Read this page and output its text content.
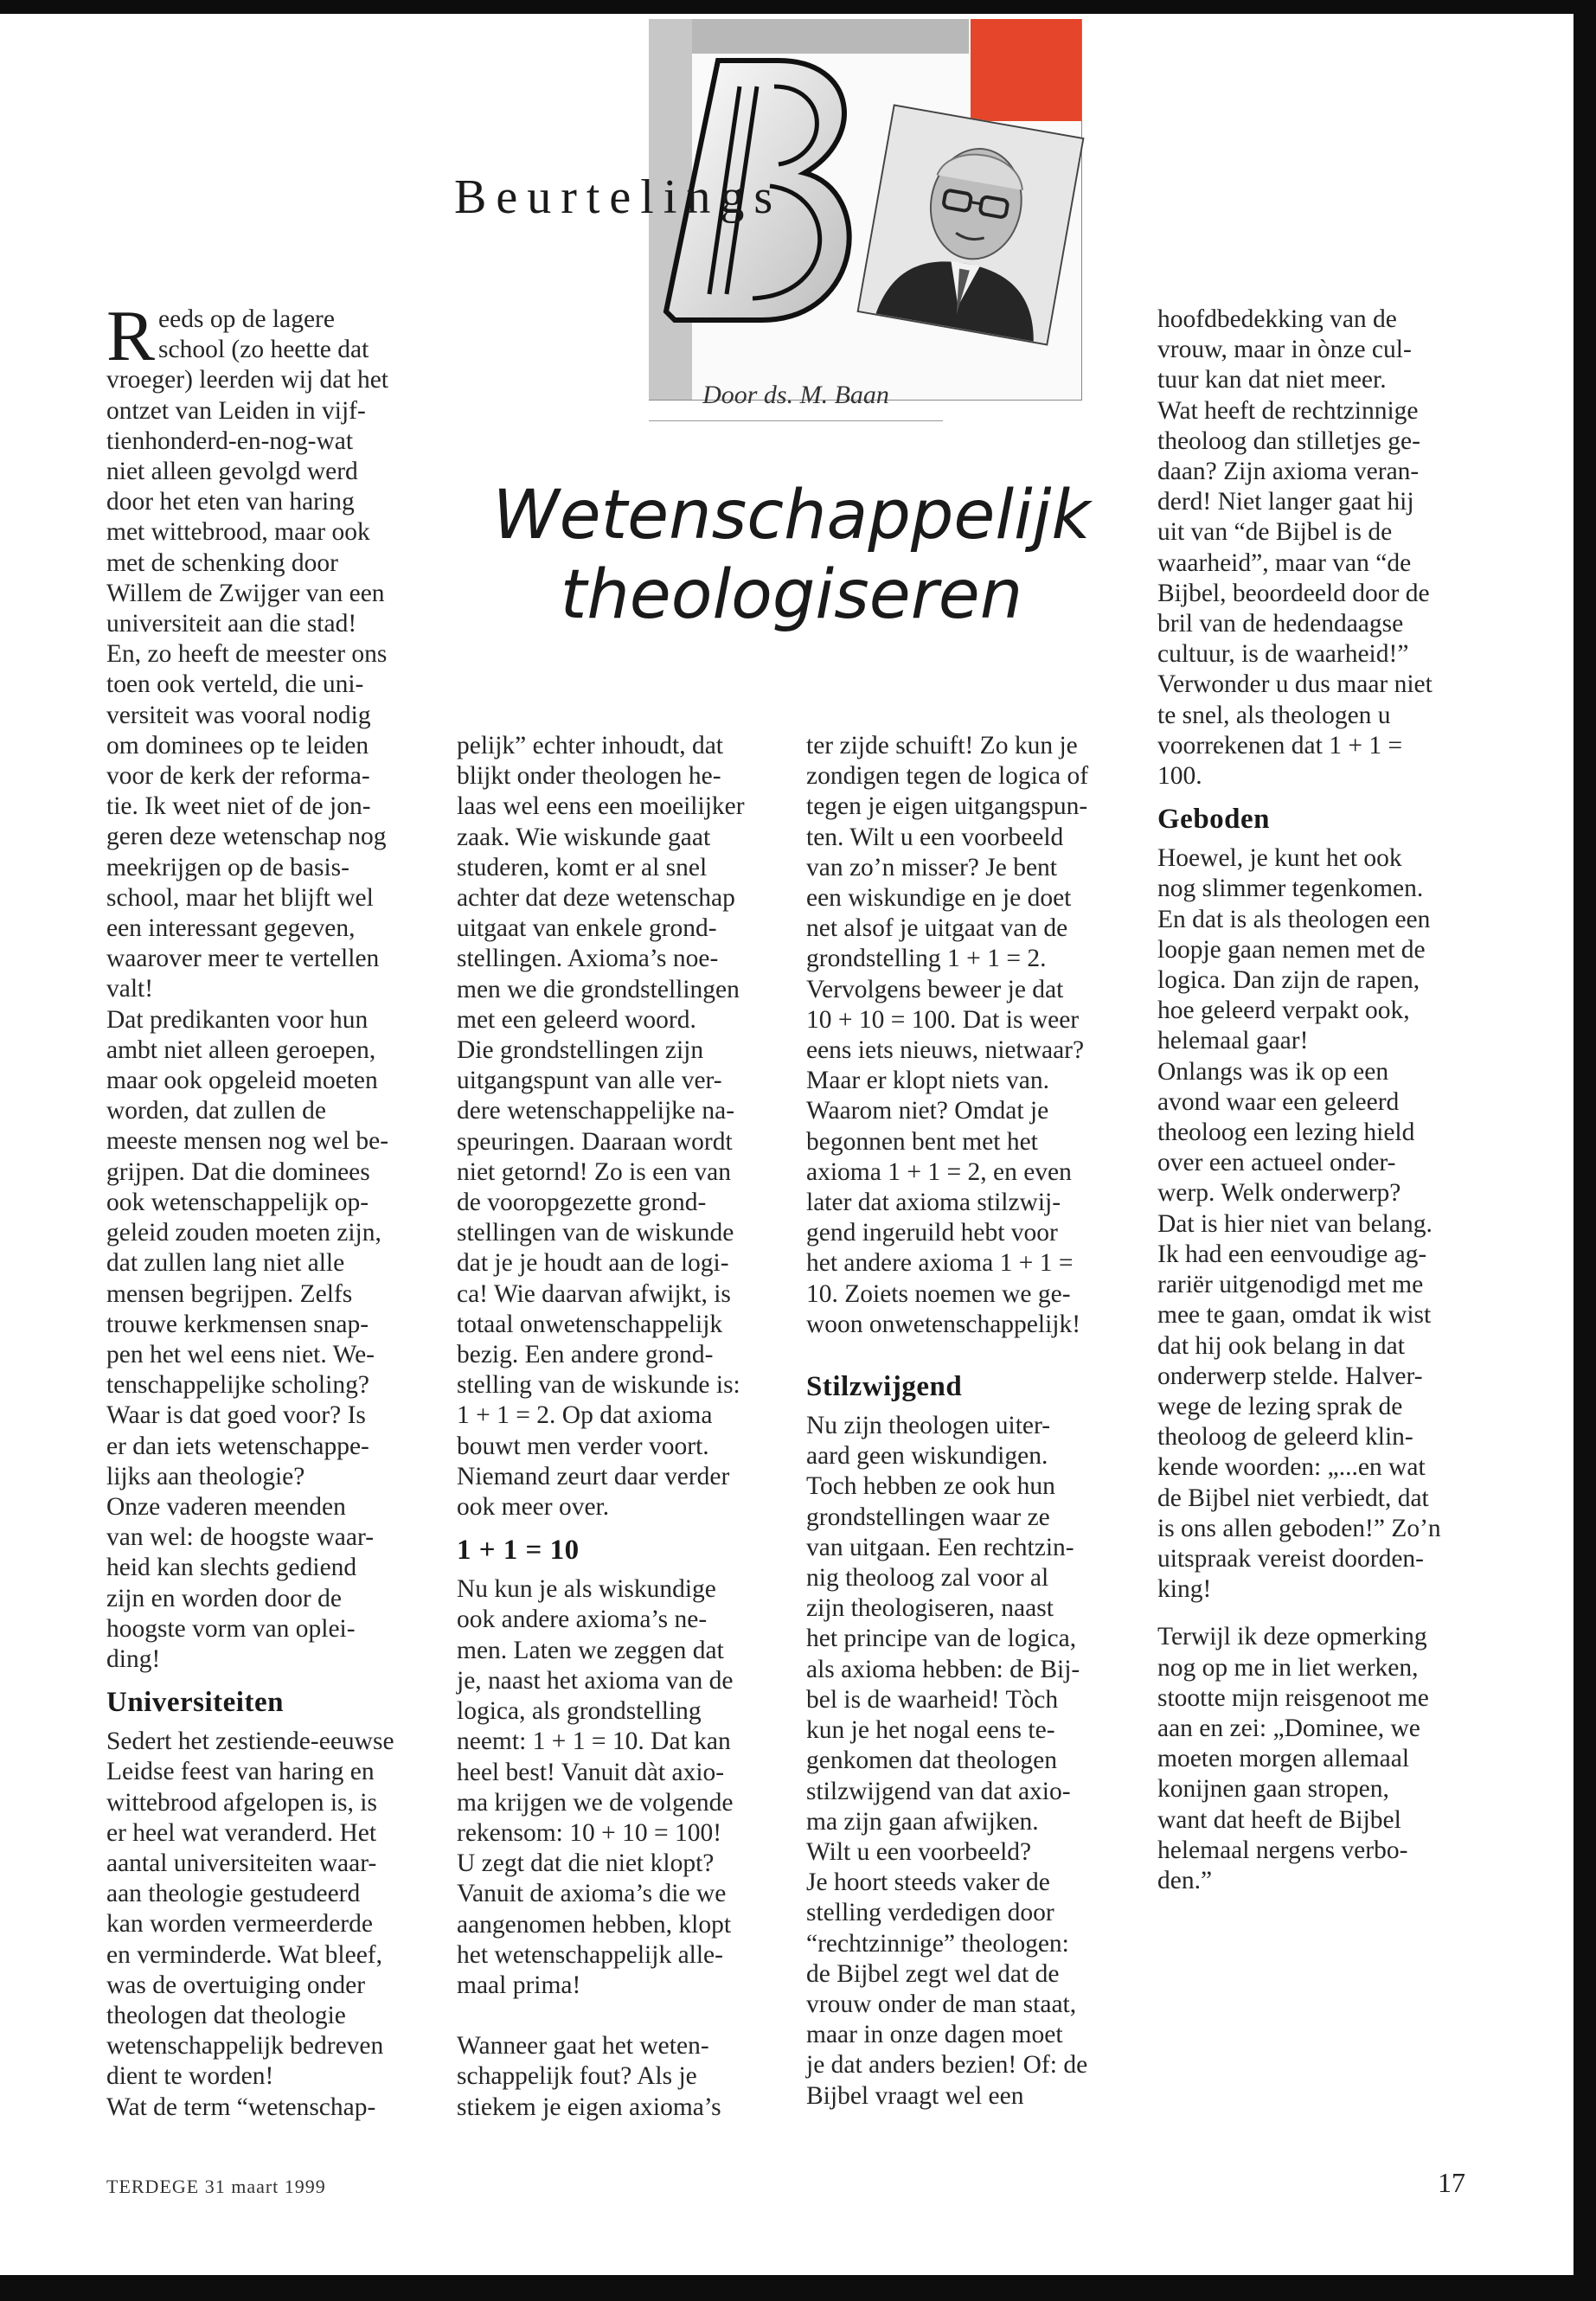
Beurtelings
Door ds. M. Baan
Wetenschappelijk
theologiseren

Reeds op de lagere
school (zo heette dat
vroeger) leerden wij dat het
ontzet van Leiden in vijf-
tienhonderd-en-nog-wat
niet alleen gevolgd werd
door het eten van haring
met wittebrood, maar ook
met de schenking door
Willem de Zwijger van een
universiteit aan die stad!
En, zo heeft de meester ons
toen ook verteld, die uni-
versiteit was vooral nodig
om dominees op te leiden
voor de kerk der reforma-
tie. Ik weet niet of de jon-
geren deze wetenschap nog
meekrijgen op de basis-
school, maar het blijft wel
een interessant gegeven,
waarover meer te vertellen
valt!

Dat predikanten voor hun
ambt niet alleen geroepen,
maar ook opgeleid moeten
worden, dat zullen de
meeste mensen nog wel be-
grijpen. Dat die dominees
ook wetenschappelijk op-
geleid zouden moeten zijn,
dat zullen lang niet alle
mensen begrijpen. Zelfs
trouwe kerkmensen snap-
pen het wel eens niet. We-
tenschappelijke scholing?
Waar is dat goed voor? Is
er dan iets wetenschappe-
lijks aan theologie?

Onze vaderen meenden
van wel: de hoogste waar-
heid kan slechts gediend
zijn en worden door de
hoogste vorm van oplei-
ding!

Universiteiten

Sedert het zestiende-eeuwse
Leidse feest van haring en
wittebrood afgelopen is, is
er heel wat veranderd. Het
aantal universiteiten waar-
aan theologie gestudeerd
kan worden vermeerderde
en verminderde. Wat bleef,
was de overtuiging onder
theologen dat theologie
wetenschappelijk bedreven
dient te worden!

Wat de term “wetenschap-

pelijk” echter inhoudt, dat
blijkt onder theologen he-
laas wel eens een moeilijker
zaak. Wie wiskunde gaat
studeren, komt er al snel
achter dat deze wetenschap
uitgaat van enkele grond-
stellingen. Axioma’s noe-
men we die grondstellingen
met een geleerd woord.
Die grondstellingen zijn
uitgangspunt van alle ver-
dere wetenschappelijke na-
speuringen. Daaraan wordt
niet getornd! Zo is een van
de vooropgezette grond-
stellingen van de wiskunde
dat je je houdt aan de logi-
ca! Wie daarvan afwijkt, is
totaal onwetenschappelijk
bezig. Een andere grond-
stelling van de wiskunde is:
1 + 1 = 2. Op dat axioma
bouwt men verder voort.
Niemand zeurt daar verder
ook meer over.

1 + 1 = 10

Nu kun je als wiskundige
ook andere axioma’s ne-
men. Laten we zeggen dat
je, naast het axioma van de
logica, als grondstelling
neemt: 1 + 1 = 10. Dat kan
heel best! Vanuit dàt axio-
ma krijgen we de volgende
rekensom: 10 + 10 = 100!
U zegt dat die niet klopt?
Vanuit de axioma’s die we
aangenomen hebben, klopt
het wetenschappelijk alle-
maal prima!

Wanneer gaat het weten-
schappelijk fout? Als je
stiekem je eigen axioma’s

ter zijde schuift! Zo kun je
zondigen tegen de logica of
tegen je eigen uitgangspun-
ten. Wilt u een voorbeeld
van zo’n misser? Je bent
een wiskundige en je doet
net alsof je uitgaat van de
grondstelling 1 + 1 = 2.
Vervolgens beweer je dat
10 + 10 = 100. Dat is weer
eens iets nieuws, nietwaar?
Maar er klopt niets van.
Waarom niet? Omdat je
begonnen bent met het
axioma 1 + 1 = 2, en even
later dat axioma stilzwij-
gend ingeruild hebt voor
het andere axioma 1 + 1 =
10. Zoiets noemen we ge-
woon onwetenschappelijk!

Stilzwijgend

Nu zijn theologen uiter-
aard geen wiskundigen.
Toch hebben ze ook hun
grondstellingen waar ze
van uitgaan. Een rechtzin-
nig theoloog zal voor al
zijn theologiseren, naast
het principe van de logica,
als axioma hebben: de Bij-
bel is de waarheid! Tòch
kun je het nogal eens te-
genkomen dat theologen
stilzwijgend van dat axio-
ma zijn gaan afwijken.
Wilt u een voorbeeld?

Je hoort steeds vaker de
stelling verdedigen door
“rechtzinnige” theologen:
de Bijbel zegt wel dat de
vrouw onder de man staat,
maar in onze dagen moet
je dat anders bezien! Of: de
Bijbel vraagt wel een

hoofdbedekking van de
vrouw, maar in ònze cul-
tuur kan dat niet meer.
Wat heeft de rechtzinnige
theoloog dan stilletjes ge-
daan? Zijn axioma veran-
derd! Niet langer gaat hij
uit van “de Bijbel is de
waarheid”, maar van “de
Bijbel, beoordeeld door de
bril van de hedendaagse
cultuur, is de waarheid!”

Verwonder u dus maar niet
te snel, als theologen u
voorrekenen dat 1 + 1 =
100.

Geboden

Hoewel, je kunt het ook
nog slimmer tegenkomen.
En dat is als theologen een
loopje gaan nemen met de
logica. Dan zijn de rapen,
hoe geleerd verpakt ook,
helemaal gaar!

Onlangs was ik op een
avond waar een geleerd
theoloog een lezing hield
over een actueel onder-
werp. Welk onderwerp?
Dat is hier niet van belang.
Ik had een eenvoudige ag-
rariër uitgenodigd met me
mee te gaan, omdat ik wist
dat hij ook belang in dat
onderwerp stelde. Halver-
wege de lezing sprak de
theoloog de geleerd klin-
kende woorden: „...en wat
de Bijbel niet verbiedt, dat
is ons allen geboden!” Zo’n
uitspraak vereist doorden-
king!

Terwijl ik deze opmerking
nog op me in liet werken,
stootte mijn reisgenoot me
aan en zei: „Dominee, we
moeten morgen allemaal
konijnen gaan stropen,
want dat heeft de Bijbel
helemaal nergens verbo-
den.”

TERDEGE 31 maart 1999	17
